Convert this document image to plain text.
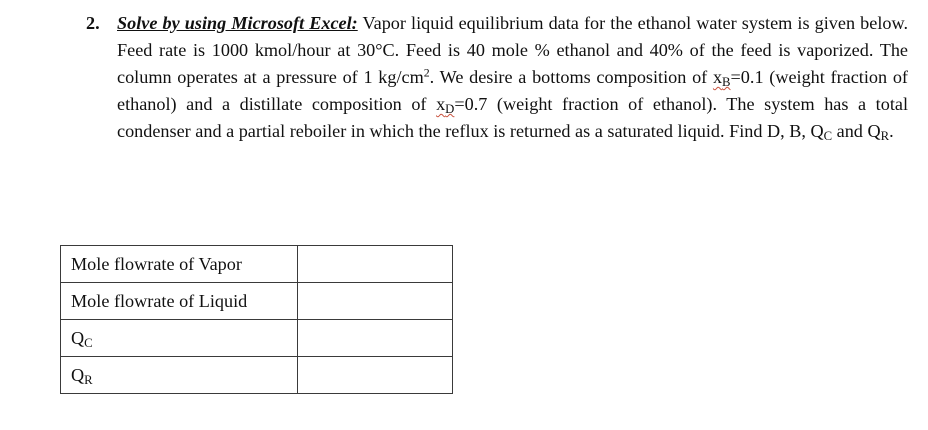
2. Solve by using Microsoft Excel: Vapor liquid equilibrium data for the ethanol water system is given below. Feed rate is 1000 kmol/hour at 30°C. Feed is 40 mole % ethanol and 40% of the feed is vaporized. The column operates at a pressure of 1 $kg/cm^2$. We desire a bottoms composition of $x_B=0.1$ (weight fraction of ethanol) and a distillate composition of $x_D=0.7$ (weight fraction of ethanol). The system has a total condenser and a partial reboiler in which the reflux is returned as a saturated liquid. Find D, B, $Q_C$ and $Q_R$.
Mole flowrate of Vapor	
Mole flowrate of Liquid	
$Q_C$	
$Q_R$	
